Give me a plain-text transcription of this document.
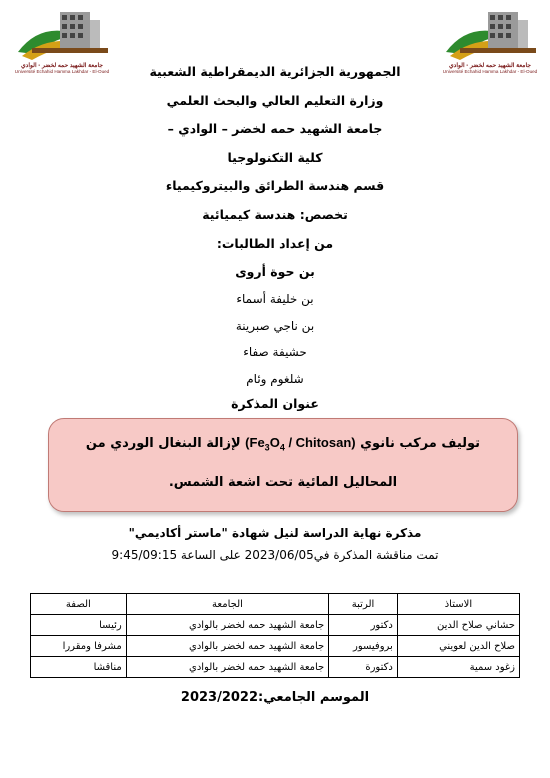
جامعة الشهيد حمه لخضر - الوادي
Université Echahid Hamma Lakhdar - El-Oued
جامعة الشهيد حمه لخضر - الوادي
Université Echahid Hamma Lakhdar - El-Oued
الجمهورية الجزائرية الديمقراطية الشعبية
وزارة التعليم العالي والبحث العلمي
جامعة الشهيد حمه لخضر – الوادي –
كلية التكنولوجيا
قسم هندسة الطرائق والبيتروكيمياء
تخصص: هندسة كيميائية
من إعداد الطالبات:
بن حوة أروى
بن خليفة أسماء
بن ناجي صبرينة
حشيفة صفاء
شلغوم وئام
عنوان المذكرة
توليف مركب نانوي ($Fe_3O_4$ / Chitosan) لإزالة البنغال الوردي من
المحاليل المائية تحت اشعة الشمس.
مذكرة نهاية الدراسة لنيل شهادة "ماستر أكاديمي"
تمت مناقشة المذكرة في2023/06/05 على الساعة 9:45/09:15
الاستاذ	الرتبة	الجامعة	الصفة
حشاني صلاح الدين	دكتور	جامعة الشهيد حمه لخضر بالوادي	رئيسا
صلاح الدين لعويني	بروفيسور	جامعة الشهيد حمه لخضر بالوادي	مشرفا ومقررا
زغود سمية	دكتورة	جامعة الشهيد حمه لخضر بالوادي	مناقشا
الموسم الجامعي:2023/2022
